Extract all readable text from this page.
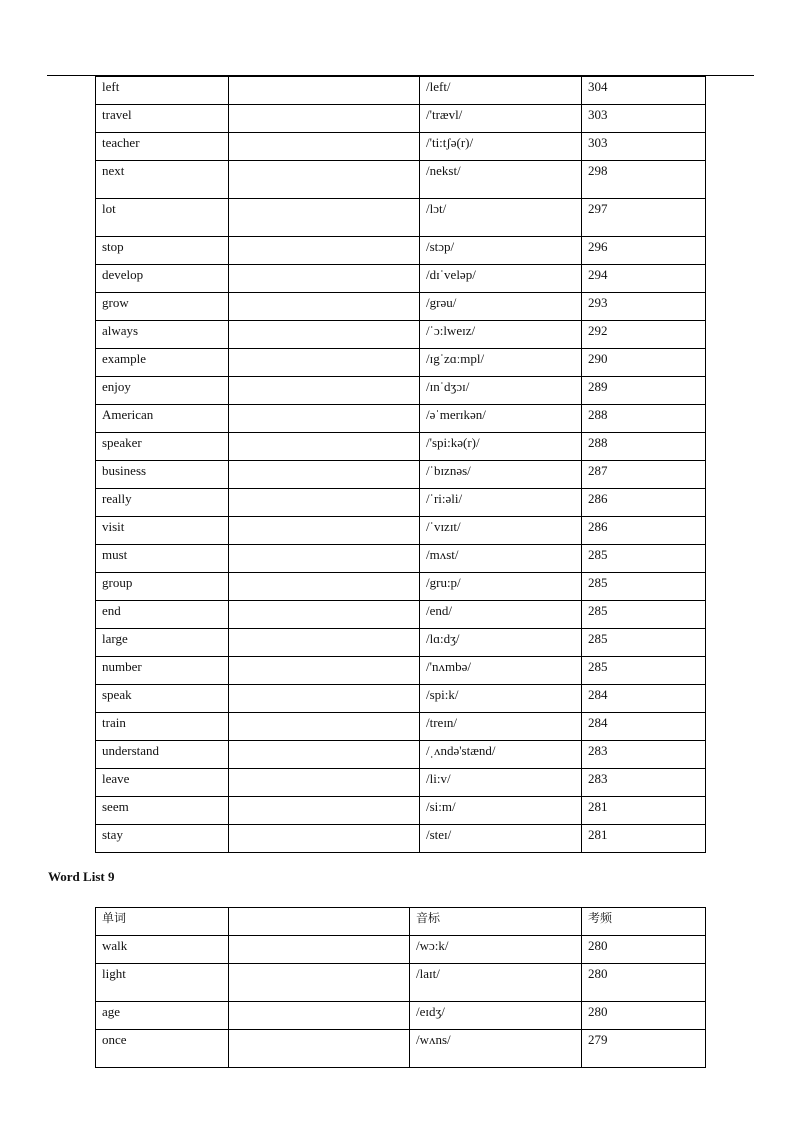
left		/left/	304
travel		/'trævl/	303
teacher		/'ti:tʃə(r)/	303
next		/nekst/	298
lot		/lɔt/	297
stop		/stɔp/	296
develop		/dɪˈveləp/	294
grow		/grəu/	293
always		/ˈɔ:lweɪz/	292
example		/ɪgˈzɑːmpl/	290
enjoy		/ɪnˈdʒɔɪ/	289
American		/əˈmerɪkən/	288
speaker		/'spi:kə(r)/	288
business		/ˈbɪznəs/	287
really		/ˈri:əli/	286
visit		/ˈvɪzɪt/	286
must		/mʌst/	285
group		/gru:p/	285
end		/end/	285
large		/lɑ:dʒ/	285
number		/'nʌmbə/	285
speak		/spi:k/	284
train		/treɪn/	284
understand		/ˌʌndə'stænd/	283
leave		/li:v/	283
seem		/si:m/	281
stay		/steɪ/	281
Word List 9
单词		音标	考频
walk		/wɔ:k/	280
light		/laɪt/	280
age		/eɪdʒ/	280
once		/wʌns/	279
